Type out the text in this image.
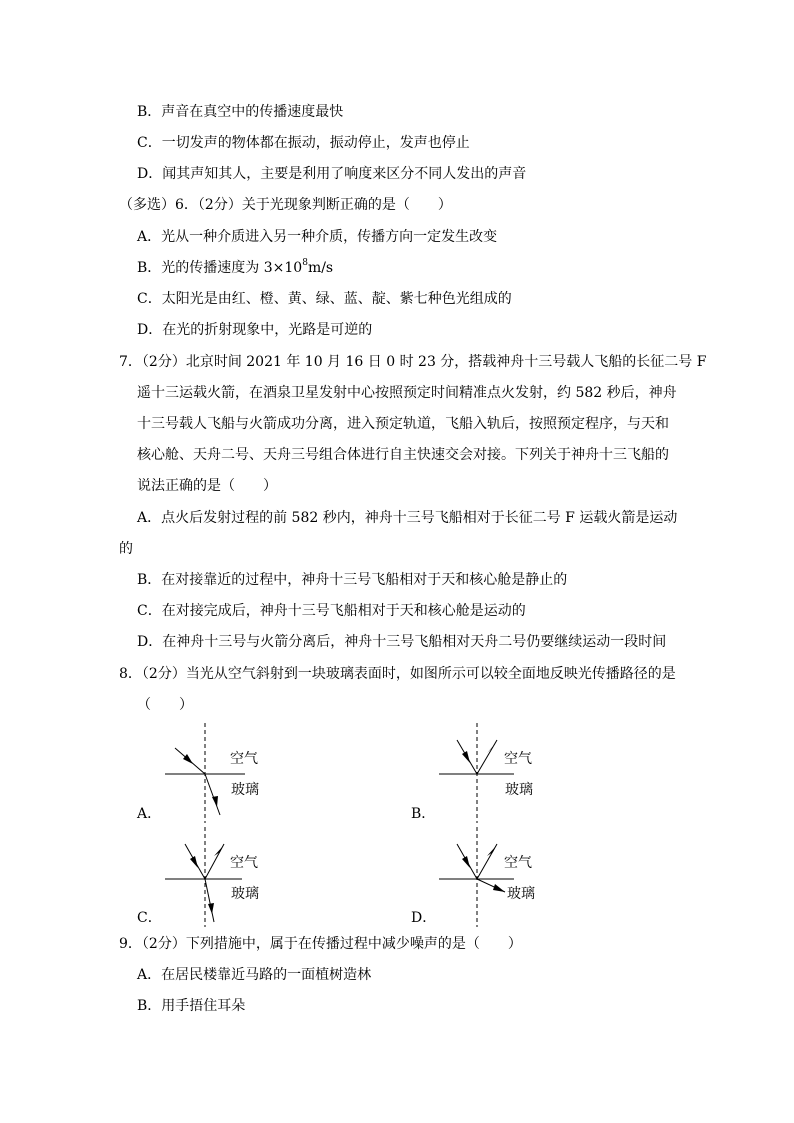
B．声音在真空中的传播速度最快
C．一切发声的物体都在振动，振动停止，发声也停止
D．闻其声知其人，主要是利用了响度来区分不同人发出的声音
（多选）6．（2分）关于光现象判断正确的是（　　）
A．光从一种介质进入另一种介质，传播方向一定发生改变
B．光的传播速度为 $3\times 10^8m/s$
C．太阳光是由红、橙、黄、绿、蓝、靛、紫七种色光组成的
D．在光的折射现象中，光路是可逆的
7．（2分）北京时间 2021 年 10 月 16 日 0 时 23 分，搭载神舟十三号载人飞船的长征二号 F
遥十三运载火箭，在酒泉卫星发射中心按照预定时间精准点火发射，约 582 秒后，神舟
十三号载人飞船与火箭成功分离，进入预定轨道，飞船入轨后，按照预定程序，与天和
核心舱、天舟二号、天舟三号组合体进行自主快速交会对接。下列关于神舟十三飞船的
说法正确的是（　　）
A．点火后发射过程的前 582 秒内，神舟十三号飞船相对于长征二号 F 运载火箭是运动
的
B．在对接靠近的过程中，神舟十三号飞船相对于天和核心舱是静止的
C．在对接完成后，神舟十三号飞船相对于天和核心舱是运动的
D．在神舟十三号与火箭分离后，神舟十三号飞船相对天舟二号仍要继续运动一段时间
8．（2分）当光从空气斜射到一块玻璃表面时，如图所示可以较全面地反映光传播路径的是
（　　）
空气
玻璃
A．
空气
玻璃
B．
空气
玻璃
C．
空气
玻璃
D．
9．（2分）下列措施中，属于在传播过程中减少噪声的是（　　）
A．在居民楼靠近马路的一面植树造林
B．用手捂住耳朵
